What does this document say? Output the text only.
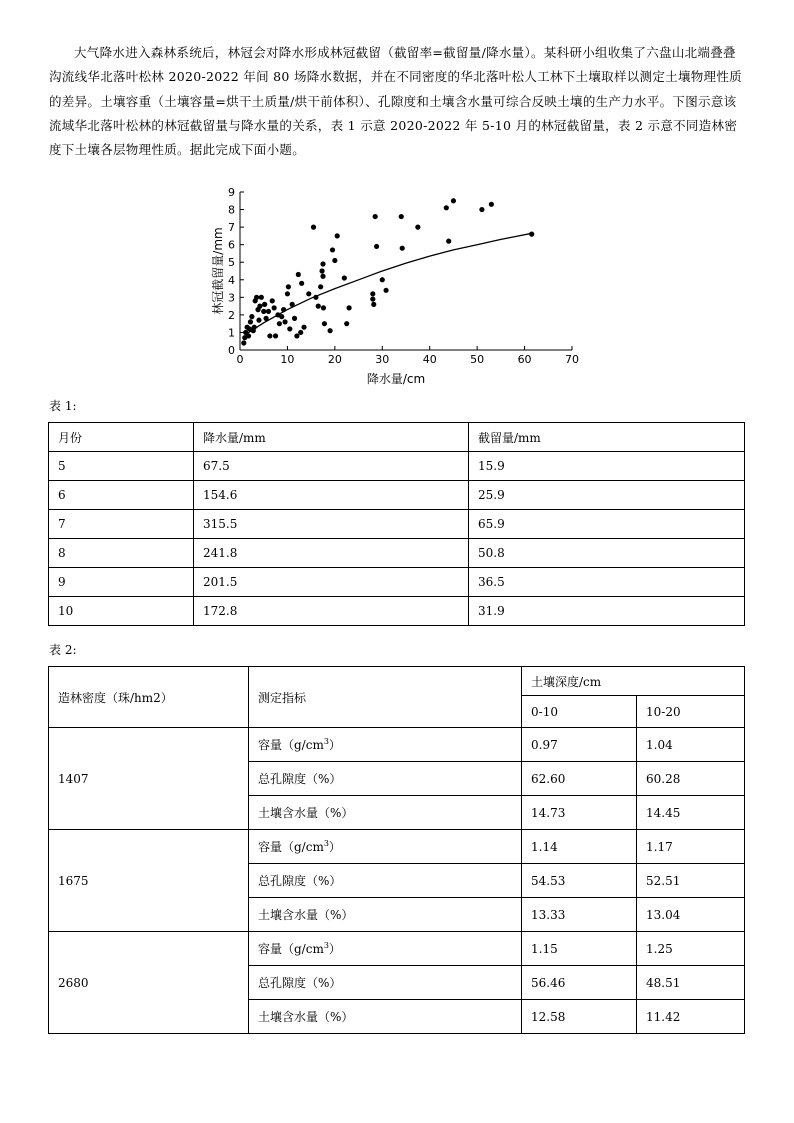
大气降水进入森林系统后，林冠会对降水形成林冠截留（截留率=截留量/降水量）。某科研小组收集了六盘山北端叠叠沟流线华北落叶松林 2020-2022 年间 80 场降水数据，并在不同密度的华北落叶松人工林下土壤取样以测定土壤物理性质的差异。土壤容重（土壤容量=烘干土质量/烘干前体积）、孔隙度和土壤含水量可综合反映土壤的生产力水平。下图示意该流域华北落叶松林的林冠截留量与降水量的关系，表 1 示意 2020-2022 年 5-10 月的林冠截留量，表 2 示意不同造林密度下土壤各层物理性质。据此完成下面小题。

0	10	20	30	40	50	60	70
0
1
2
3
4
5
6
7
8
9
降水量/cm
林冠截留量/mm
表 1:
月份	降水量/mm	截留量/mm
5	67.5	15.9
6	154.6	25.9
7	315.5	65.9
8	241.8	50.8
9	201.5	36.5
10	172.8	31.9
表 2:
造林密度（珠/hm2）	测定指标	土壤深度/cm	
		0-10	10-20
1407	容量$(g/cm^3)$	0.97	1.04
	总孔隙度（%）	62.60	60.28
	土壤含水量（%）	14.73	14.45
1675	容量$(g/cm^3)$	1.14	1.17
	总孔隙度（%）	54.53	52.51
	土壤含水量（%）	13.33	13.04
2680	容量$(g/cm^3)$	1.15	1.25
	总孔隙度（%）	56.46	48.51
	土壤含水量（%）	12.58	11.42
